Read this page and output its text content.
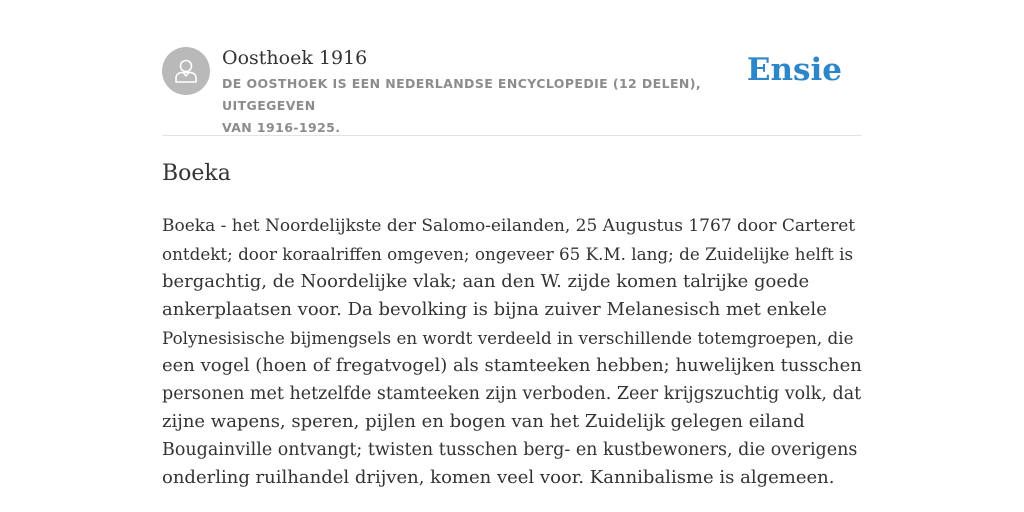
Oosthoek 1916

DE OOSTHOEK IS EEN NEDERLANDSE ENCYCLOPEDIE (12 DELEN), UITGEGEVEN
VAN 1916-1925.

Ensie
Boeka

Boeka - het Noordelijkste der Salomo-eilanden, 25 Augustus 1767 door Carteret
ontdekt; door koraalriffen omgeven; ongeveer 65 K.M. lang; de Zuidelijke helft is
bergachtig, de Noordelijke vlak; aan den W. zijde komen talrijke goede
ankerplaatsen voor. Da bevolking is bijna zuiver Melanesisch met enkele
Polynesisische bijmengsels en wordt verdeeld in verschillende totemgroepen, die
een vogel (hoen of fregatvogel) als stamteeken hebben; huwelijken tusschen
personen met hetzelfde stamteeken zijn verboden. Zeer krijgszuchtig volk, dat
zijne wapens, speren, pijlen en bogen van het Zuidelijk gelegen eiland
Bougainville ontvangt; twisten tusschen berg- en kustbewoners, die overigens
onderling ruilhandel drijven, komen veel voor. Kannibalisme is algemeen.
